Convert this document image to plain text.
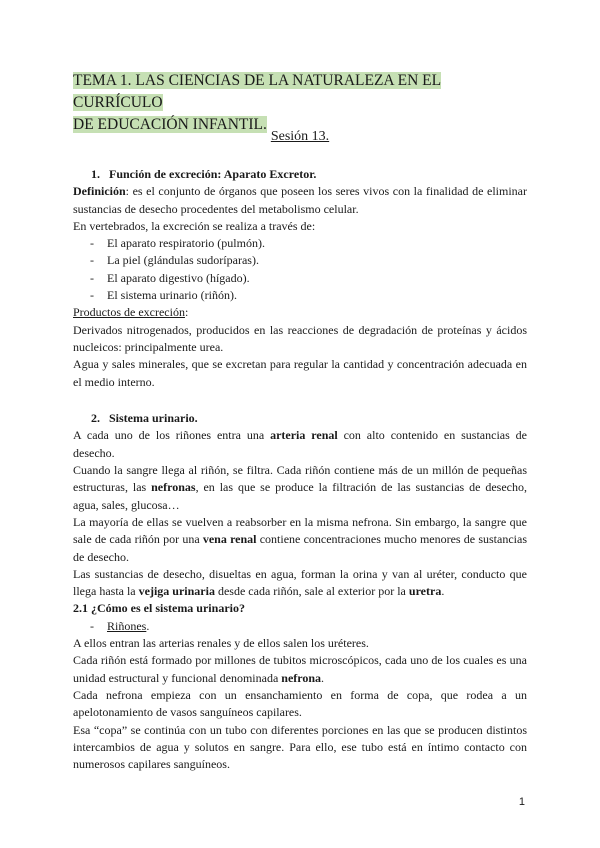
TEMA 1. LAS CIENCIAS DE LA NATURALEZA EN EL CURRÍCULO
DE EDUCACIÓN INFANTIL.

Sesión 13.

1. Función de excreción: Aparato Excretor.

Definición: es el conjunto de órganos que poseen los seres vivos con la finalidad de eliminar sustancias de desecho procedentes del metabolismo celular.

En vertebrados, la excreción se realiza a través de:

- El aparato respiratorio (pulmón).
- La piel (glándulas sudoríparas).
- El aparato digestivo (hígado).
- El sistema urinario (riñón).

Productos de excreción:

Derivados nitrogenados, producidos en las reacciones de degradación de proteínas y ácidos nucleicos: principalmente urea.

Agua y sales minerales, que se excretan para regular la cantidad y concentración adecuada en el medio interno.

2. Sistema urinario.

A cada uno de los riñones entra una arteria renal con alto contenido en sustancias de desecho.

Cuando la sangre llega al riñón, se filtra. Cada riñón contiene más de un millón de pequeñas estructuras, las nefronas, en las que se produce la filtración de las sustancias de desecho, agua, sales, glucosa…

La mayoría de ellas se vuelven a reabsorber en la misma nefrona. Sin embargo, la sangre que sale de cada riñón por una vena renal contiene concentraciones mucho menores de sustancias de desecho.

Las sustancias de desecho, disueltas en agua, forman la orina y van al uréter, conducto que llega hasta la vejiga urinaria desde cada riñón, sale al exterior por la uretra.

2.1 ¿Cómo es el sistema urinario?

- Riñones.

A ellos entran las arterias renales y de ellos salen los uréteres.

Cada riñón está formado por millones de tubitos microscópicos, cada uno de los cuales es una unidad estructural y funcional denominada nefrona.

Cada nefrona empieza con un ensanchamiento en forma de copa, que rodea a un apelotonamiento de vasos sanguíneos capilares.

Esa “copa” se continúa con un tubo con diferentes porciones en las que se producen distintos intercambios de agua y solutos en sangre. Para ello, ese tubo está en íntimo contacto con numerosos capilares sanguíneos.

1
